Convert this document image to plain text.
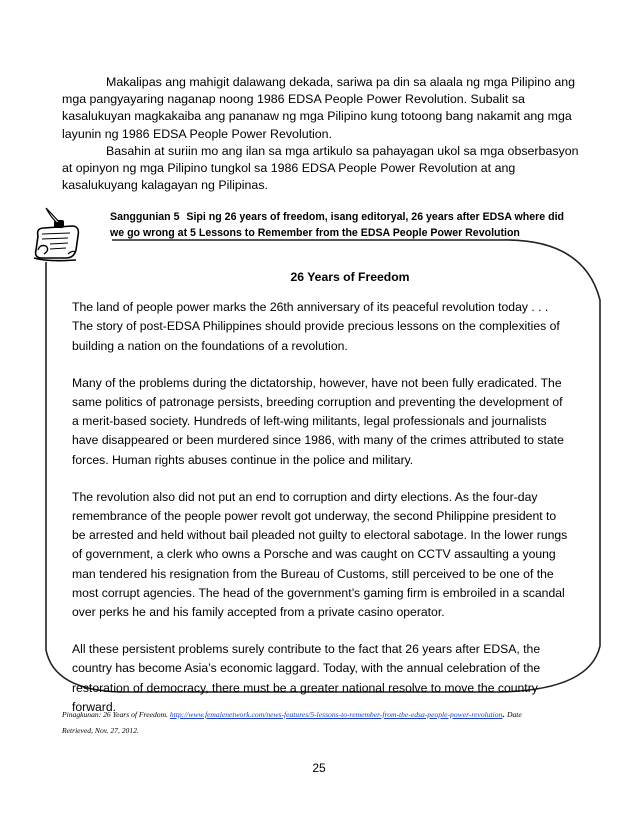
Makalipas ang mahigit dalawang dekada, sariwa pa din sa alaala ng mga Pilipino ang mga pangyayaring naganap noong 1986 EDSA People Power Revolution. Subalit sa kasalukuyan magkakaiba ang pananaw ng mga Pilipino kung totoong bang nakamit ang mga layunin ng 1986 EDSA People Power Revolution.

Basahin at suriin mo ang ilan sa mga artikulo sa pahayagan ukol sa mga obserbasyon at opinyon ng mga Pilipino tungkol sa 1986 EDSA People Power Revolution at ang kasalukuyang kalagayan ng Pilipinas.

Sanggunian 5 Sipi ng 26 years of freedom, isang editoryal, 26 years after EDSA where did we go wrong at 5 Lessons to Remember from the EDSA People Power Revolution
26 Years of Freedom

The land of people power marks the 26th anniversary of its peaceful revolution today . . . The story of post-EDSA Philippines should provide precious lessons on the complexities of building a nation on the foundations of a revolution.

Many of the problems during the dictatorship, however, have not been fully eradicated. The same politics of patronage persists, breeding corruption and preventing the development of a merit-based society. Hundreds of left-wing militants, legal professionals and journalists have disappeared or been murdered since 1986, with many of the crimes attributed to state forces. Human rights abuses continue in the police and military.

The revolution also did not put an end to corruption and dirty elections. As the four-day remembrance of the people power revolt got underway, the second Philippine president to be arrested and held without bail pleaded not guilty to electoral sabotage. In the lower rungs of government, a clerk who owns a Porsche and was caught on CCTV assaulting a young man tendered his resignation from the Bureau of Customs, still perceived to be one of the most corrupt agencies. The head of the government’s gaming firm is embroiled in a scandal over perks he and his family accepted from a private casino operator.

All these persistent problems surely contribute to the fact that 26 years after EDSA, the country has become Asia’s economic laggard. Today, with the annual celebration of the restoration of democracy, there must be a greater national resolve to move the country forward.

Pinagkunan: 26 Years of Freedom. http://www.femalenetwork.com/news-features/5-lessons-to-remember-from-the-edsa-people-power-revolution. Date Retrieved, Nov. 27, 2012.
25
